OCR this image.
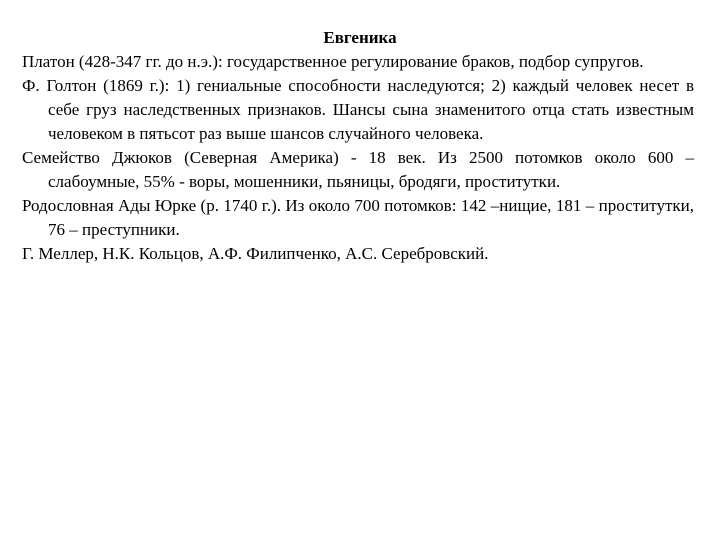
Евгеника

Платон (428-347 гг. до н.э.): государственное регулирование браков, подбор супругов.

Ф. Голтон (1869 г.): 1) гениальные способности наследуются; 2) каждый человек несет в себе груз наследственных признаков. Шансы сына знаменитого отца стать известным человеком в пятьсот раз выше шансов случайного человека.

Семейство Джюков (Северная Америка) - 18 век. Из 2500 потомков около 600 – слабоумные, 55% - воры, мошенники, пьяницы, бродяги, проститутки.

Родословная Ады Юрке (р. 1740 г.). Из около 700 потомков: 142 –нищие, 181 – проститутки, 76 – преступники.

Г. Меллер, Н.К. Кольцов, А.Ф. Филипченко, А.С. Серебровский.
